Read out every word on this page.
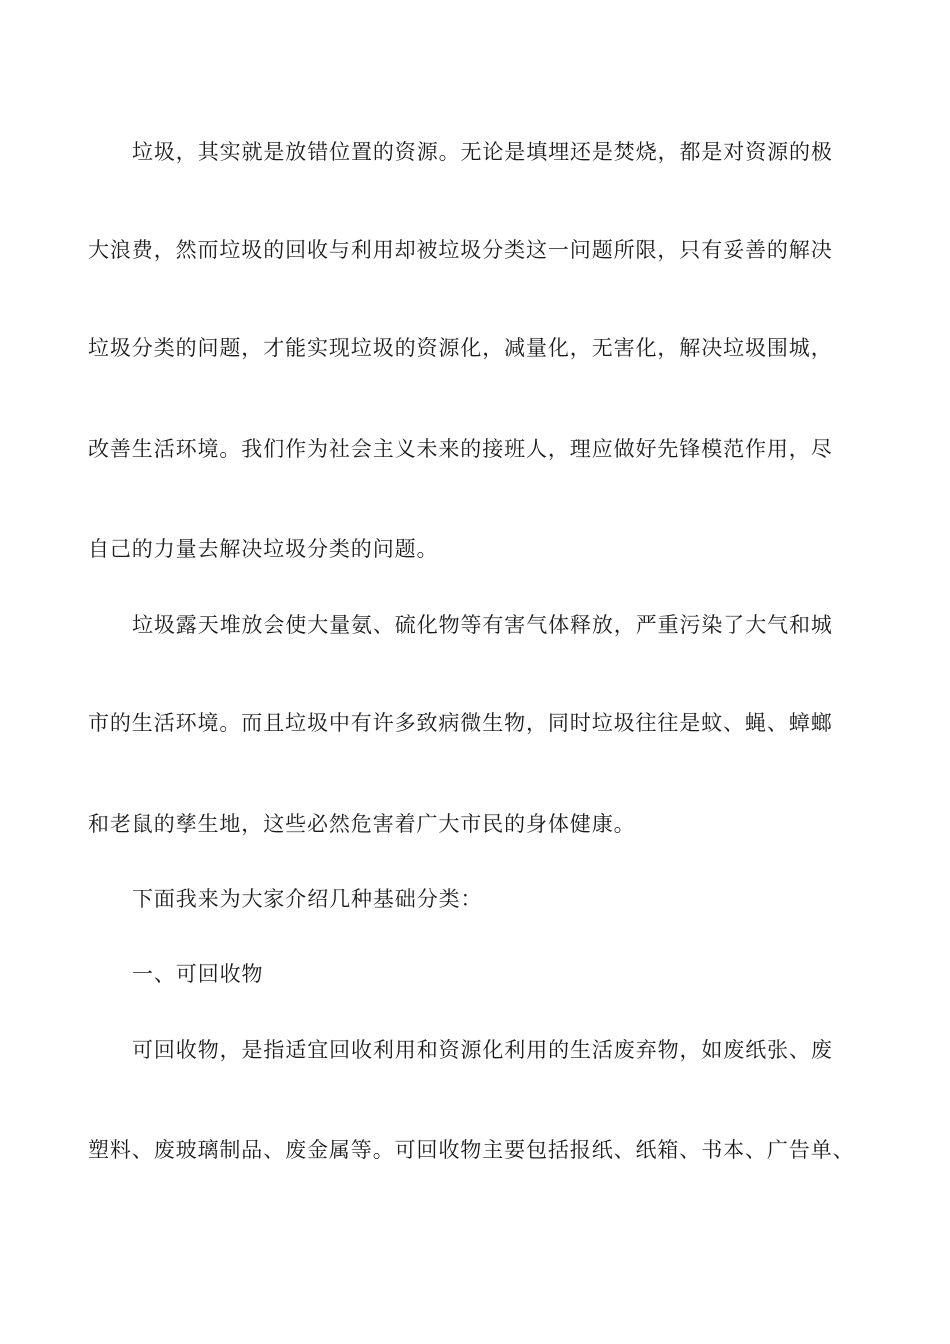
垃圾，其实就是放错位置的资源。无论是填埋还是焚烧，都是对资源的极
大浪费，然而垃圾的回收与利用却被垃圾分类这一问题所限，只有妥善的解决
垃圾分类的问题，才能实现垃圾的资源化，减量化，无害化，解决垃圾围城，
改善生活环境。我们作为社会主义未来的接班人，理应做好先锋模范作用，尽
自己的力量去解决垃圾分类的问题。
垃圾露天堆放会使大量氨、硫化物等有害气体释放，严重污染了大气和城
市的生活环境。而且垃圾中有许多致病微生物，同时垃圾往往是蚊、蝇、蟑螂
和老鼠的孳生地，这些必然危害着广大市民的身体健康。
下面我来为大家介绍几种基础分类：
一、可回收物
可回收物，是指适宜回收利用和资源化利用的生活废弃物，如废纸张、废
塑料、废玻璃制品、废金属等。可回收物主要包括报纸、纸箱、书本、广告单、
